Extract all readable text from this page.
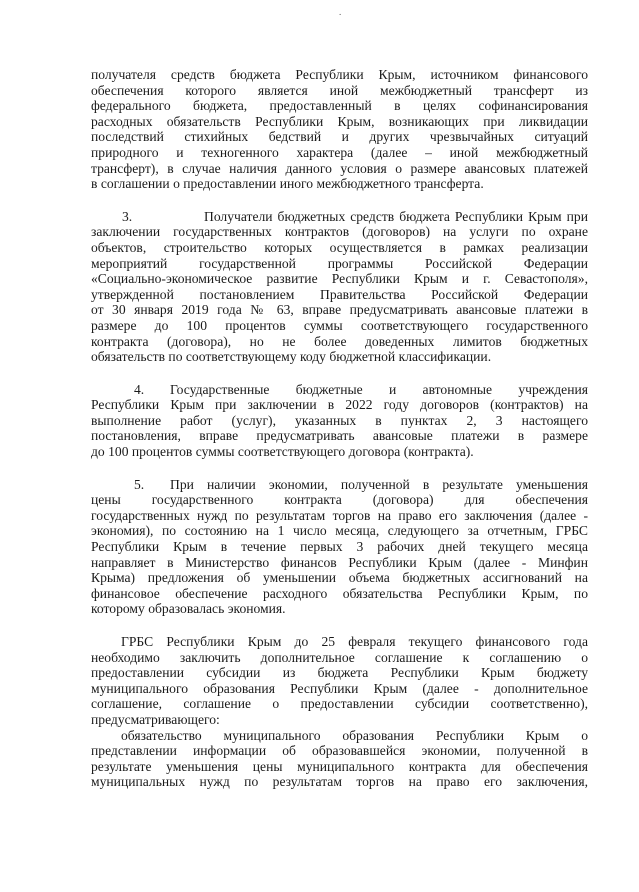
.
получателя средств бюджета Республики Крым, источником финансового
обеспечения которого является иной межбюджетный трансферт из
федерального бюджета, предоставленный в целях софинансирования
расходных обязательств Республики Крым, возникающих при ликвидации
последствий стихийных бедствий и других чрезвычайных ситуаций
природного и техногенного характера (далее – иной межбюджетный
трансферт), в случае наличия данного условия о размере авансовых платежей
в соглашении о предоставлении иного межбюджетного трансферта.
3.	Получатели бюджетных средств бюджета Республики Крым при
заключении государственных контрактов (договоров) на услуги по охране
объектов, строительство которых осуществляется в рамках реализации
мероприятий государственной программы Российской Федерации
«Социально-экономическое развитие Республики Крым и г. Севастополя»,
утвержденной постановлением Правительства Российской Федерации
от 30 января 2019 года № 63, вправе предусматривать авансовые платежи в
размере до 100 процентов суммы соответствующего государственного
контракта (договора), но не более доведенных лимитов бюджетных
обязательств по соответствующему коду бюджетной классификации.
4. Государственные бюджетные и автономные учреждения
Республики Крым при заключении в 2022 году договоров (контрактов) на
выполнение работ (услуг), указанных в пунктах 2, 3 настоящего
постановления, вправе предусматривать авансовые платежи в размере
до 100 процентов суммы соответствующего договора (контракта).
5. При наличии экономии, полученной в результате уменьшения
цены государственного контракта (договора) для обеспечения
государственных нужд по результатам торгов на право его заключения (далее -
экономия), по состоянию на 1 число месяца, следующего за отчетным, ГРБС
Республики Крым в течение первых 3 рабочих дней текущего месяца
направляет в Министерство финансов Республики Крым (далее - Минфин
Крыма) предложения об уменьшении объема бюджетных ассигнований на
финансовое обеспечение расходного обязательства Республики Крым, по
которому образовалась экономия.
ГРБС Республики Крым до 25 февраля текущего финансового года
необходимо заключить дополнительное соглашение к соглашению о
предоставлении субсидии из бюджета Республики Крым бюджету
муниципального образования Республики Крым (далее - дополнительное
соглашение, соглашение о предоставлении субсидии соответственно),
предусматривающего:
обязательство муниципального образования Республики Крым о
представлении информации об образовавшейся экономии, полученной в
результате уменьшения цены муниципального контракта для обеспечения
муниципальных нужд по результатам торгов на право его заключения,
